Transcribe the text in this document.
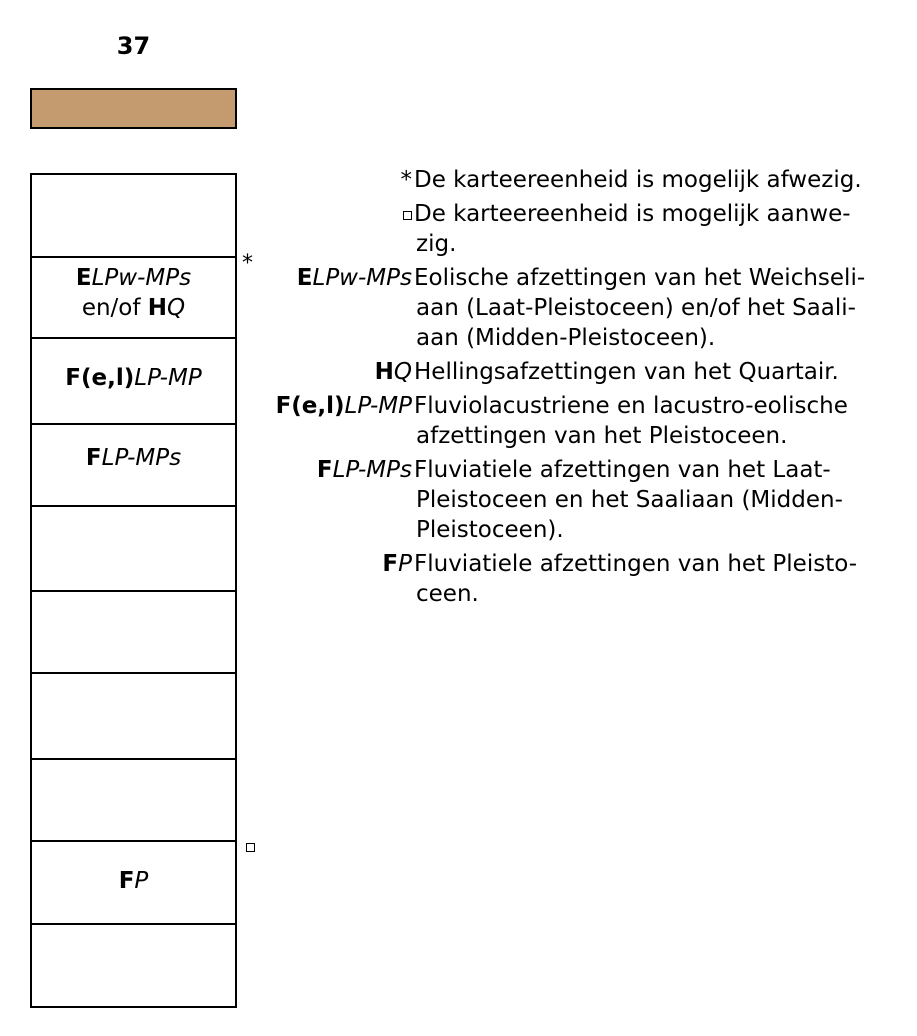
37
ELPw-MPs
en/of HQ
F(e,l)LP-MP
FLP-MPs
FP
*
* De karteereenheid is mogelijk afwezig.
De karteereenheid is mogelijk aanwe-
zig.
ELPw-MPs Eolische afzettingen van het Weichseli-
aan (Laat-Pleistoceen) en/of het Saali-
aan (Midden-Pleistoceen).
HQ Hellingsafzettingen van het Quartair.
F(e,l)LP-MP Fluviolacustriene en lacustro-eolische
afzettingen van het Pleistoceen.
FLP-MPs Fluviatiele afzettingen van het Laat-
Pleistoceen en het Saaliaan (Midden-
Pleistoceen).
FP Fluviatiele afzettingen van het Pleisto-
ceen.
